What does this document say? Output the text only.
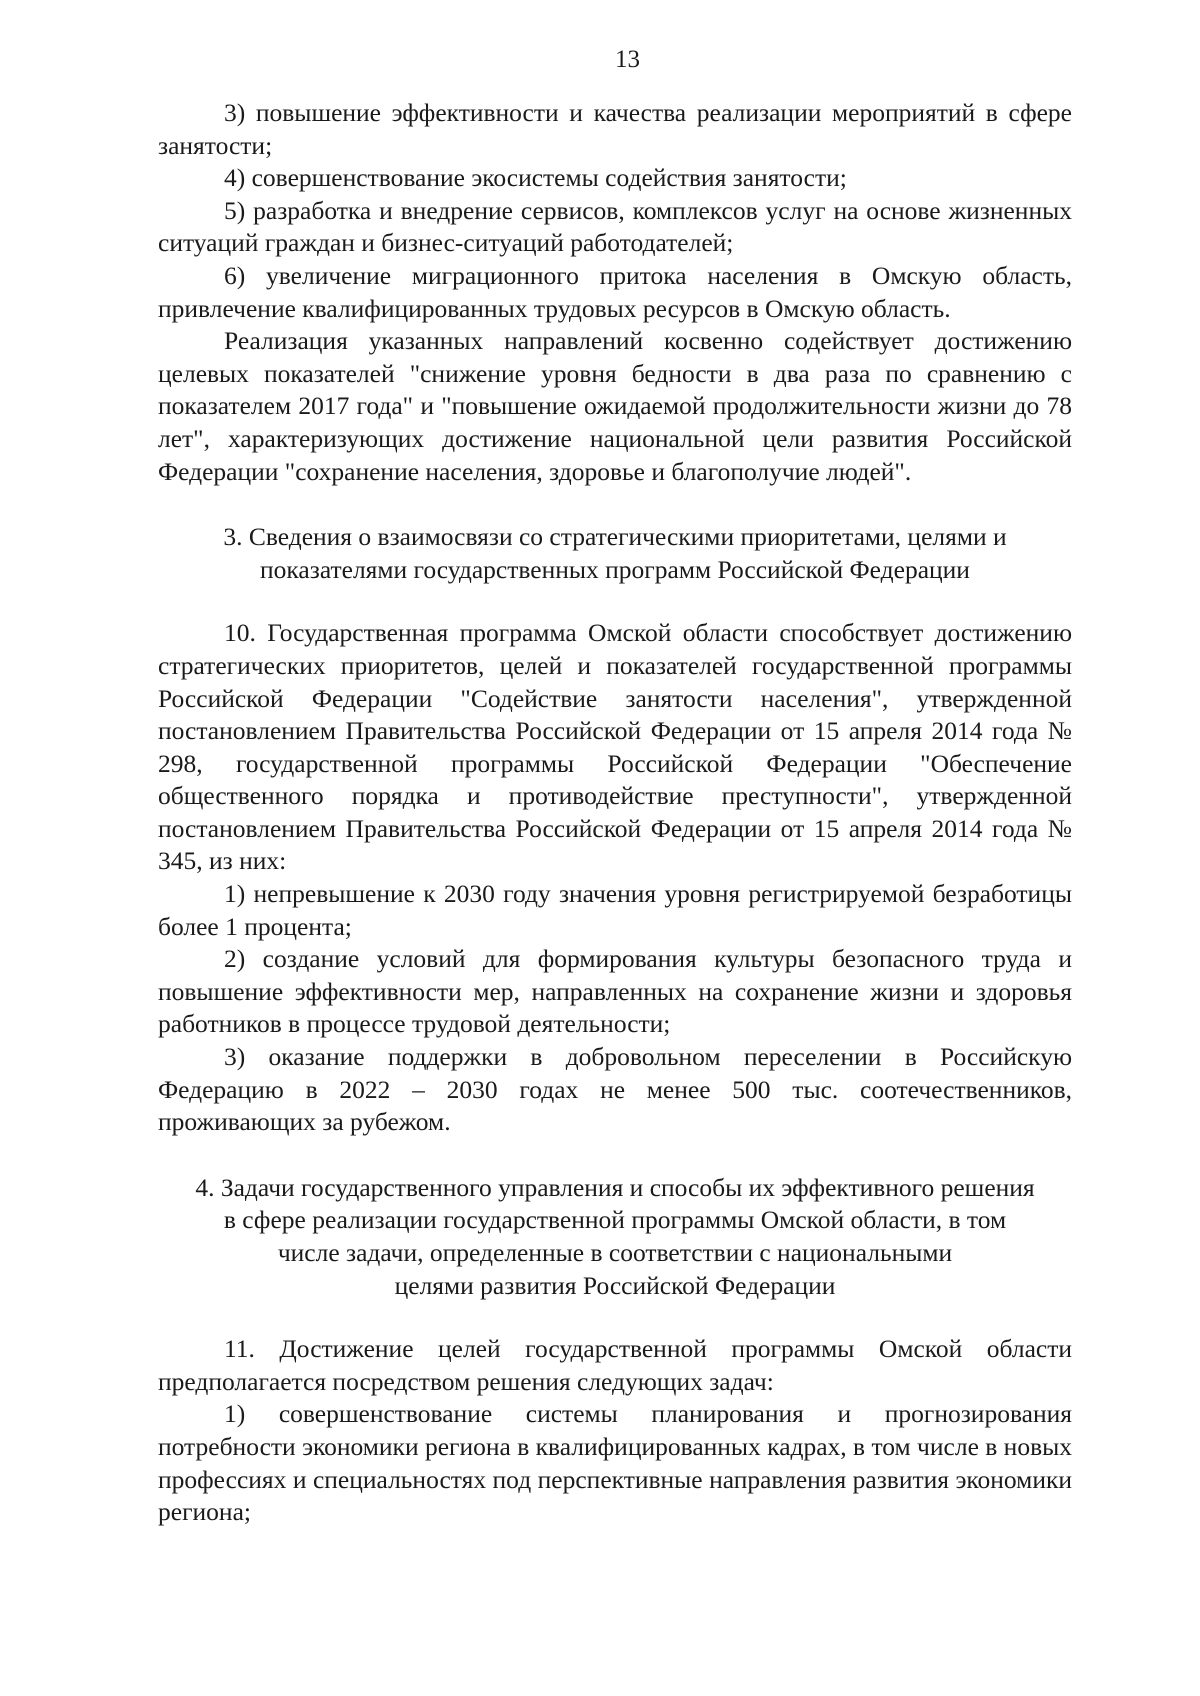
13

3) повышение эффективности и качества реализации мероприятий в сфере занятости;

4) совершенствование экосистемы содействия занятости;

5) разработка и внедрение сервисов, комплексов услуг на основе жизненных ситуаций граждан и бизнес-ситуаций работодателей;

6) увеличение миграционного притока населения в Омскую область, привлечение квалифицированных трудовых ресурсов в Омскую область.

Реализация указанных направлений косвенно содействует достижению целевых показателей "снижение уровня бедности в два раза по сравнению с показателем 2017 года" и "повышение ожидаемой продолжительности жизни до 78 лет", характеризующих достижение национальной цели развития Российской Федерации "сохранение населения, здоровье и благополучие людей".

3. Сведения о взаимосвязи со стратегическими приоритетами, целями и
показателями государственных программ Российской Федерации

10. Государственная программа Омской области способствует достижению стратегических приоритетов, целей и показателей государственной программы Российской Федерации "Содействие занятости населения", утвержденной постановлением Правительства Российской Федерации от 15 апреля 2014 года № 298, государственной программы Российской Федерации "Обеспечение общественного порядка и противодействие преступности", утвержденной постановлением Правительства Российской Федерации от 15 апреля 2014 года № 345, из них:

1) непревышение к 2030 году значения уровня регистрируемой безработицы более 1 процента;

2) создание условий для формирования культуры безопасного труда и повышение эффективности мер, направленных на сохранение жизни и здоровья работников в процессе трудовой деятельности;

3) оказание поддержки в добровольном переселении в Российскую Федерацию в 2022 – 2030 годах не менее 500 тыс. соотечественников, проживающих за рубежом.

4. Задачи государственного управления и способы их эффективного решения
в сфере реализации государственной программы Омской области, в том
числе задачи, определенные в соответствии с национальными
целями развития Российской Федерации

11. Достижение целей государственной программы Омской области предполагается посредством решения следующих задач:

1) совершенствование системы планирования и прогнозирования потребности экономики региона в квалифицированных кадрах, в том числе в новых профессиях и специальностях под перспективные направления развития экономики региона;
